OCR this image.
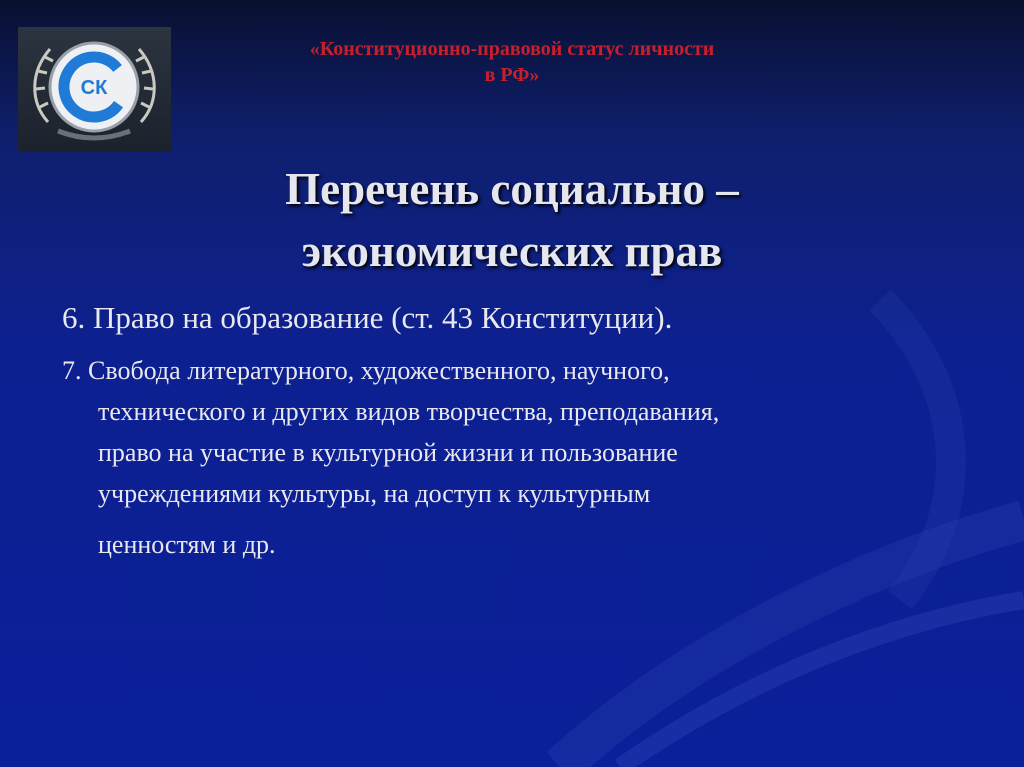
СК
«Конституционно-правовой статус личности
в РФ»
Перечень социально –
экономических прав
6. Право на образование (ст. 43 Конституции).
7. Свобода литературного, художественного, научного,
технического и других видов творчества, преподавания,
право на участие в культурной жизни и пользование
учреждениями культуры, на доступ к культурным
ценностям и др.
